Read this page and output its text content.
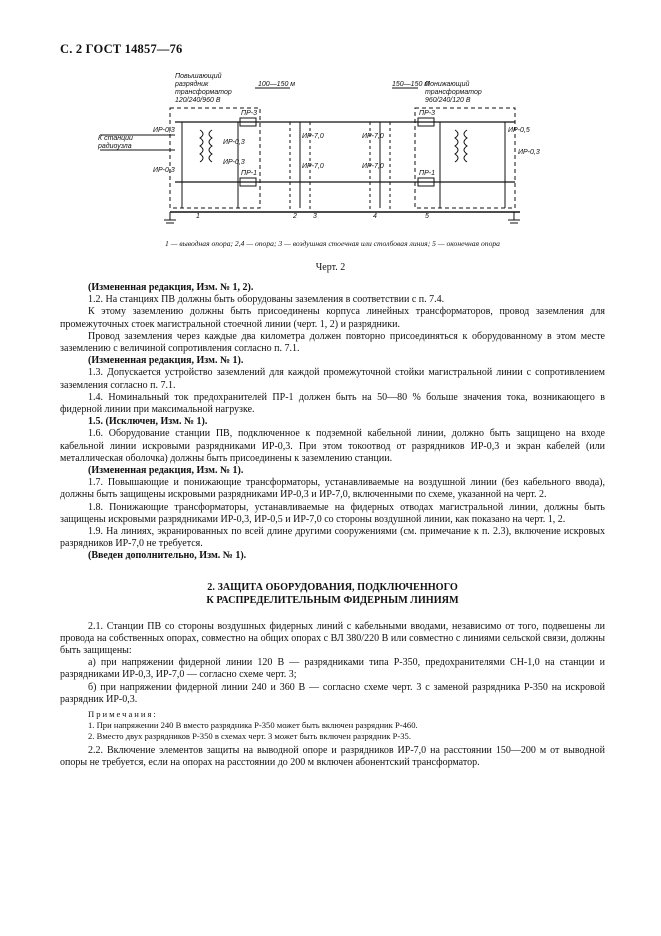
С. 2 ГОСТ 14857—76
Повышающий
разрядник
трансформатор
120/240/960 В
Понижающий
трансформатор
960/240/120 В
К станции
радиоузла
100—150 м	150—150 м
ПР-3
ПР-1
ПР-3
ПР-1
ИР-0,3
ИР-0,3
ИР-0,3
ИР-0,3
ИР-7,0
ИР-7,0
ИР-7,0
ИР-7,0
ИР-0,5
ИР-0,3
1	2 3	4	5
1 — выводная опора; 2,4 — опора; 3 — воздушная стоечная или столбовая линия; 5 — оконечная опора
Черт. 2

(Измененная редакция, Изм. № 1, 2).

1.2. На станциях ПВ должны быть оборудованы заземления в соответствии с п. 7.4.

К этому заземлению должны быть присоединены корпуса линейных трансформаторов, провод заземления для промежуточных стоек магистральной стоечной линии (черт. 1, 2) и разрядники.

Провод заземления через каждые два километра должен повторно присоединяться к оборудованному в этом месте заземлению с величиной сопротивления согласно п. 7.1.

(Измененная редакция, Изм. № 1).

1.3. Допускается устройство заземлений для каждой промежуточной стойки магистральной линии с сопротивлением заземления согласно п. 7.1.

1.4. Номинальный ток предохранителей ПР-1 должен быть на 50—80 % больше значения тока, возникающего в фидерной линии при максимальной нагрузке.

1.5. (Исключен, Изм. № 1).

1.6. Оборудование станции ПВ, подключенное к подземной кабельной линии, должно быть защищено на входе кабельной линии искровыми разрядниками ИР-0,3. При этом токоотвод от разрядников ИР-0,3 и экран кабелей (или металлическая оболочка) должны быть присоединены к заземлению станции.

(Измененная редакция, Изм. № 1).

1.7. Повышающие и понижающие трансформаторы, устанавливаемые на воздушной линии (без кабельного ввода), должны быть защищены искровыми разрядниками ИР-0,3 и ИР-7,0, включенными по схеме, указанной на черт. 2.

1.8. Понижающие трансформаторы, устанавливаемые на фидерных отводах магистральной линии, должны быть защищены искровыми разрядниками ИР-0,3, ИР-0,5 и ИР-7,0 со стороны воздушной линии, как показано на черт. 1, 2.

1.9. На линиях, экранированных по всей длине другими сооружениями (см. примечание к п. 2.3), включение искровых разрядников ИР-7,0 не требуется.

(Введен дополнительно, Изм. № 1).

2. ЗАЩИТА ОБОРУДОВАНИЯ, ПОДКЛЮЧЕННОГО
К РАСПРЕДЕЛИТЕЛЬНЫМ ФИДЕРНЫМ ЛИНИЯМ

2.1. Станции ПВ со стороны воздушных фидерных линий с кабельными вводами, независимо от того, подвешены ли провода на собственных опорах, совместно на общих опорах с ВЛ 380/220 В или совместно с линиями сельской связи, должны быть защищены:

а) при напряжении фидерной линии 120 В — разрядниками типа Р-350, предохранителями СН-1,0 на станции и разрядниками ИР-0,3, ИР-7,0 — согласно схеме черт. 3;

б) при напряжении фидерной линии 240 и 360 В — согласно схеме черт. 3 с заменой разрядника Р-350 на искровой разрядник ИР-0,3.

Примечания:

1. При напряжении 240 В вместо разрядника Р-350 может быть включен разрядник Р-460.

2. Вместо двух разрядников Р-350 в схемах черт. 3 может быть включен разрядник Р-35.

2.2. Включение элементов защиты на выводной опоре и разрядников ИР-7,0 на расстоянии 150—200 м от выводной опоры не требуется, если на опорах на расстоянии до 200 м включен абонентский трансформатор.
